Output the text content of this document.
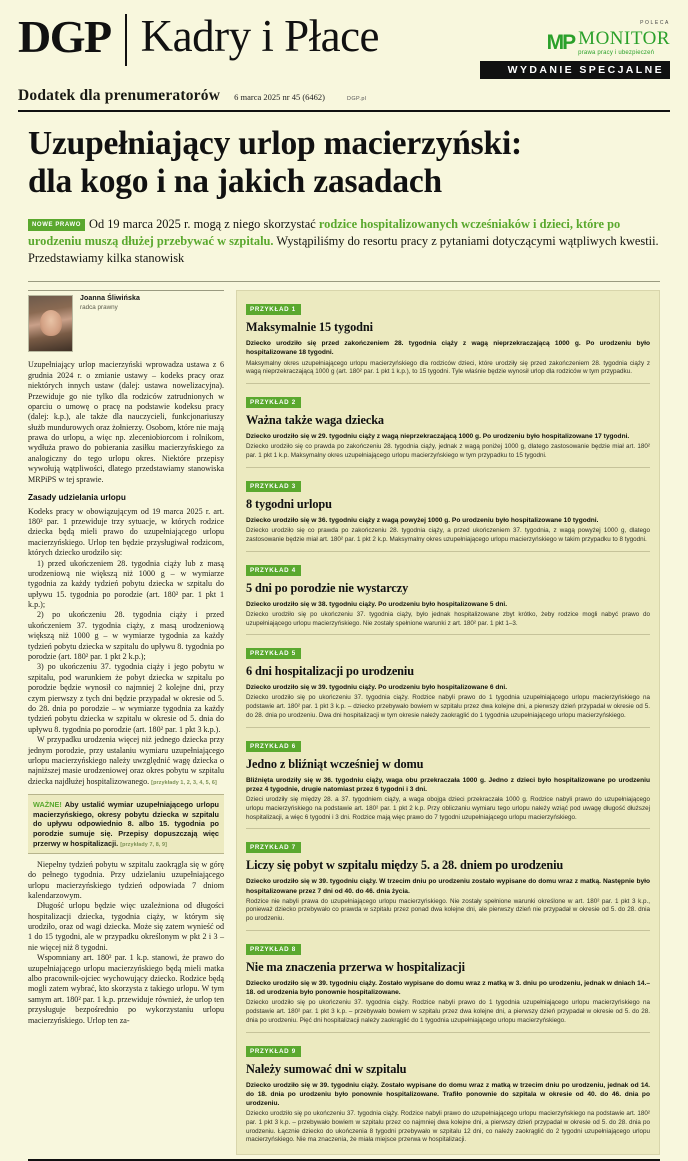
DGP Kadry i Płace	POLECA
MP MONITOR
prawa pracy i ubezpieczeń
WYDANIE SPECJALNE
Dodatek dla prenumeratorów 6 marca 2025 nr 45 (6462)	DGP.pl
Uzupełniający urlop macierzyński:
dla kogo i na jakich zasadach
NOWE PRAWO Od 19 marca 2025 r. mogą z niego skorzystać rodzice hospitalizowanych wcześniaków i dzieci, które po urodzeniu muszą dłużej przebywać w szpitalu. Wystąpiliśmy do resortu pracy z pytaniami dotyczącymi wątpliwych kwestii. Przedstawiamy kilka stanowisk
Joanna Śliwińska
radca prawny

Uzupełniający urlop macierzyński wprowadza ustawa z 6 grudnia 2024 r. o zmianie ustawy – kodeks pracy oraz niektórych innych ustaw (dalej: ustawa nowelizacyjna). Przewiduje go nie tylko dla rodziców zatrudnionych w oparciu o umowę o pracę na podstawie kodeksu pracy (dalej: k.p.), ale także dla nauczycieli, funkcjonariuszy służb mundurowych oraz żołnierzy. Osobom, które nie mają prawa do urlopu, a więc np. zleceniobiorcom i rolnikom, wydłuża prawo do pobierania zasiłku macierzyńskiego za analogiczny do tego urlopu okres. Niektóre przepisy wywołują wątpliwości, dlatego przedstawiamy stanowiska MRPiPS w tej sprawie.

Zasady udzielania urlopu

Kodeks pracy w obowiązującym od 19 marca 2025 r. art. 180² par. 1 przewiduje trzy sytuacje, w których rodzice dziecka będą mieli prawo do uzupełniającego urlopu macierzyńskiego. Urlop ten będzie przysługiwał rodzicom, których dziecko urodziło się:

1) przed ukończeniem 28. tygodnia ciąży lub z masą urodzeniową nie większą niż 1000 g – w wymiarze tygodnia za każdy tydzień pobytu dziecka w szpitalu do upływu 15. tygodnia po porodzie (art. 180² par. 1 pkt 1 k.p.);

2) po ukończeniu 28. tygodnia ciąży i przed ukończeniem 37. tygodnia ciąży, z masą urodzeniową większą niż 1000 g – w wymiarze tygodnia za każdy tydzień pobytu dziecka w szpitalu do upływu 8. tygodnia po porodzie (art. 180² par. 1 pkt 2 k.p.);

3) po ukończeniu 37. tygodnia ciąży i jego pobytu w szpitalu, pod warunkiem że pobyt dziecka w szpitalu po porodzie będzie wynosił co najmniej 2 kolejne dni, przy czym pierwszy z tych dni będzie przypadał w okresie od 5. do 28. dnia po porodzie – w wymiarze tygodnia za każdy tydzień pobytu dziecka w szpitalu w okresie od 5. dnia do upływu 8. tygodnia po porodzie (art. 180² par. 1 pkt 3 k.p.).

W przypadku urodzenia więcej niż jednego dziecka przy jednym porodzie, przy ustalaniu wymiaru uzupełniającego urlopu macierzyńskiego należy uwzględnić wagę dziecka o najniższej masie urodzeniowej oraz okres pobytu w szpitalu dziecka najdłużej hospitalizowanego. [przykłady 1, 2, 3, 4, 5, 6]

WAŻNE! Aby ustalić wymiar uzupełniającego urlopu macierzyńskiego, okresy pobytu dziecka w szpitalu do upływu odpowiednio 8. albo 15. tygodnia po porodzie sumuje się. Przepisy dopuszczają więc przerwy w hospitalizacji. [przykłady 7, 8, 9]

Niepełny tydzień pobytu w szpitalu zaokrągla się w górę do pełnego tygodnia. Przy udzielaniu uzupełniającego urlopu macierzyńskiego tydzień odpowiada 7 dniom kalendarzowym.

Długość urlopu będzie więc uzależniona od długości hospitalizacji dziecka, tygodnia ciąży, w którym się urodziło, oraz od wagi dziecka. Może się zatem wynieść od 1 do 15 tygodni, ale w przypadku określonym w pkt 2 i 3 – nie więcej niż 8 tygodni.

Wspomniany art. 180² par. 1 k.p. stanowi, że prawo do uzupełniającego urlopu macierzyńskiego będą mieli matka albo pracownik-ojciec wychowujący dziecko. Rodzice będą mogli zatem wybrać, kto skorzysta z takiego urlopu. W tym samym art. 180² par. 1 k.p. przewiduje również, że urlop ten przysługuje bezpośrednio po wykorzystaniu urlopu macierzyńskiego. Urlop ten za-

PRZYKŁAD 1
Maksymalnie 15 tygodni
Dziecko urodziło się przed zakończeniem 28. tygodnia ciąży z wagą nieprzekraczającą 1000 g. Po urodzeniu było hospitalizowane 18 tygodni.
Maksymalny okres uzupełniającego urlopu macierzyńskiego dla rodziców dzieci, które urodziły się przed zakończeniem 28. tygodnia ciąży z wagą nieprzekraczającą 1000 g (art. 180² par. 1 pkt 1 k.p.), to 15 tygodni. Tyle właśnie będzie wynosił urlop dla rodziców w tym przypadku.
PRZYKŁAD 2
Ważna także waga dziecka
Dziecko urodziło się w 29. tygodniu ciąży z wagą nieprzekraczającą 1000 g. Po urodzeniu było hospitalizowane 17 tygodni.
Dziecko urodziło się co prawda po zakończeniu 28. tygodnia ciąży, jednak z wagą poniżej 1000 g, dlatego zastosowanie będzie miał art. 180² par. 1 pkt 1 k.p. Maksymalny okres uzupełniającego urlopu macierzyńskiego w tym przypadku to 15 tygodni.
PRZYKŁAD 3
8 tygodni urlopu
Dziecko urodziło się w 36. tygodniu ciąży z wagą powyżej 1000 g. Po urodzeniu było hospitalizowane 10 tygodni.
Dziecko urodziło się co prawda po zakończeniu 28. tygodnia ciąży, a przed ukończeniem 37. tygodnia, z wagą powyżej 1000 g, dlatego zastosowanie będzie miał art. 180² par. 1 pkt 2 k.p. Maksymalny okres uzupełniającego urlopu macierzyńskiego w takim przypadku to 8 tygodni.
PRZYKŁAD 4
5 dni po porodzie nie wystarczy
Dziecko urodziło się w 38. tygodniu ciąży. Po urodzeniu było hospitalizowane 5 dni.
Dziecko urodziło się po ukończeniu 37. tygodnia ciąży, było jednak hospitalizowane zbyt krótko, żeby rodzice mogli nabyć prawo do uzupełniającego urlopu macierzyńskiego. Nie zostały spełnione warunki z art. 180² par. 1 pkt 1–3.
PRZYKŁAD 5
6 dni hospitalizacji po urodzeniu
Dziecko urodziło się w 39. tygodniu ciąży. Po urodzeniu było hospitalizowane 6 dni.
Dziecko urodziło się po ukończeniu 37. tygodnia ciąży. Rodzice nabyli prawo do 1 tygodnia uzupełniającego urlopu macierzyńskiego na podstawie art. 180² par. 1 pkt 3 k.p. – dziecko przebywało bowiem w szpitalu przez dwa kolejne dni, a pierwszy dzień przypadał w okresie od 5. do 28. dnia po urodzeniu. Dwa dni hospitalizacji w tym okresie należy zaokrąglić do 1 tygodnia uzupełniającego urlopu macierzyńskiego.
PRZYKŁAD 6
Jedno z bliźniąt wcześniej w domu
Bliźnięta urodziły się w 36. tygodniu ciąży, waga obu przekraczała 1000 g. Jedno z dzieci było hospitalizowane po urodzeniu przez 4 tygodnie, drugie natomiast przez 6 tygodni i 3 dni.
Dzieci urodziły się między 28. a 37. tygodniem ciąży, a waga obojga dzieci przekraczała 1000 g. Rodzice nabyli prawo do uzupełniającego urlopu macierzyńskiego na podstawie art. 180² par. 1 pkt 2 k.p. Przy obliczaniu wymiaru tego urlopu należy wziąć pod uwagę długość dłuższej hospitalizacji, a więc 6 tygodni i 3 dni. Rodzice mają więc prawo do 7 tygodni uzupełniającego urlopu macierzyńskiego.
PRZYKŁAD 7
Liczy się pobyt w szpitalu między 5. a 28. dniem po urodzeniu
Dziecko urodziło się w 39. tygodniu ciąży. W trzecim dniu po urodzeniu zostało wypisane do domu wraz z matką. Następnie było hospitalizowane przez 7 dni od 40. do 46. dnia życia.
Rodzice nie nabyli prawa do uzupełniającego urlopu macierzyńskiego. Nie zostały spełnione warunki określone w art. 180² par. 1 pkt 3 k.p., ponieważ dziecko przebywało co prawda w szpitalu przez ponad dwa kolejne dni, ale pierwszy dzień nie przypadał w okresie od 5. do 28. dnia po urodzeniu.
PRZYKŁAD 8
Nie ma znaczenia przerwa w hospitalizacji
Dziecko urodziło się w 39. tygodniu ciąży. Zostało wypisane do domu wraz z matką w 3. dniu po urodzeniu, jednak w dniach 14.–18. od urodzenia było ponownie hospitalizowane.
Dziecko urodziło się po ukończeniu 37. tygodnia ciąży. Rodzice nabyli prawo do 1 tygodnia uzupełniającego urlopu macierzyńskiego na podstawie art. 180² par. 1 pkt 3 k.p. – przebywało bowiem w szpitalu przez dwa kolejne dni, a pierwszy dzień przypadał w okresie od 5. do 28. dnia po urodzeniu. Pięć dni hospitalizacji należy zaokrąglić do 1 tygodnia uzupełniającego urlopu macierzyńskiego.
PRZYKŁAD 9
Należy sumować dni w szpitalu
Dziecko urodziło się w 39. tygodniu ciąży. Zostało wypisane do domu wraz z matką w trzecim dniu po urodzeniu, jednak od 14. do 18. dnia po urodzeniu było ponownie hospitalizowane. Trafiło ponownie do szpitala w okresie od 40. do 46. dnia po urodzeniu.
Dziecko urodziło się po ukończeniu 37. tygodnia ciąży. Rodzice nabyli prawo do uzupełniającego urlopu macierzyńskiego na podstawie art. 180² par. 1 pkt 3 k.p. – przebywało bowiem w szpitalu przez co najmniej dwa kolejne dni, a pierwszy dzień przypadał w okresie od 5. do 28. dnia po urodzeniu. Łącznie dziecko do ukończenia 8 tygodni przebywało w szpitalu 12 dni, co należy zaokrąglić do 2 tygodni uzupełniającego urlopu macierzyńskiego. Nie ma znaczenia, że miała miejsce przerwa w hospitalizacji.
